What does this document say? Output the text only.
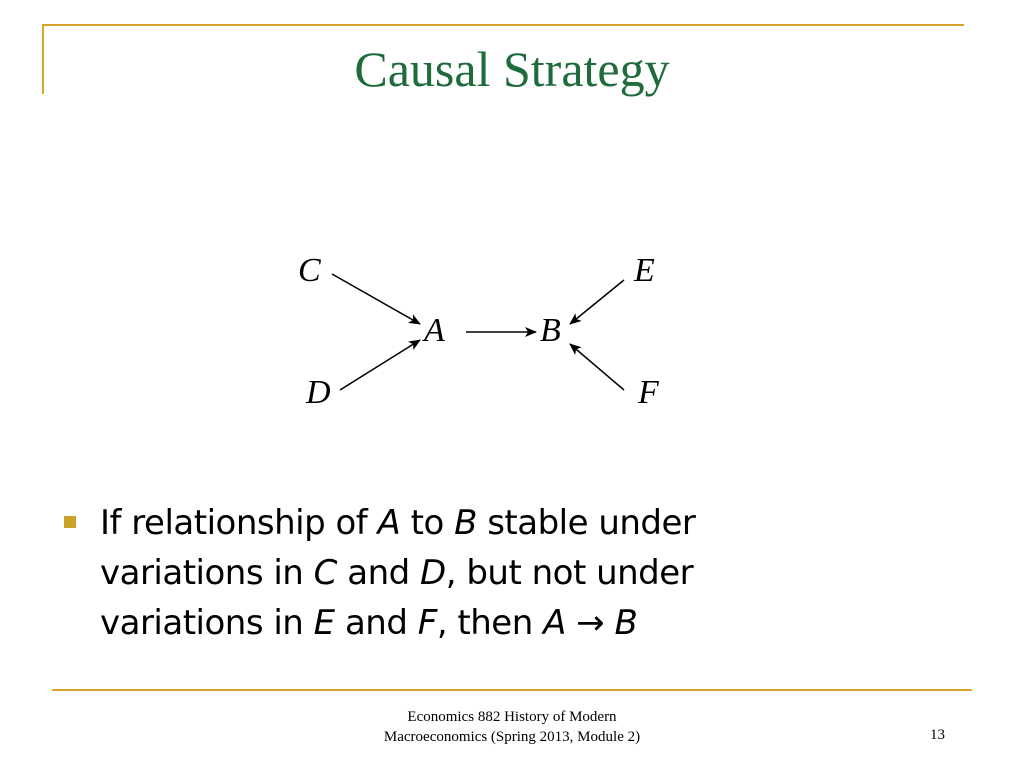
Causal Strategy
C
A	B
E
D	F
If relationship of A to B stable under variations in C and D, but not under variations in E and F, then A → B
Economics 882 History of Modern
Macroeconomics (Spring 2013, Module 2)	13
